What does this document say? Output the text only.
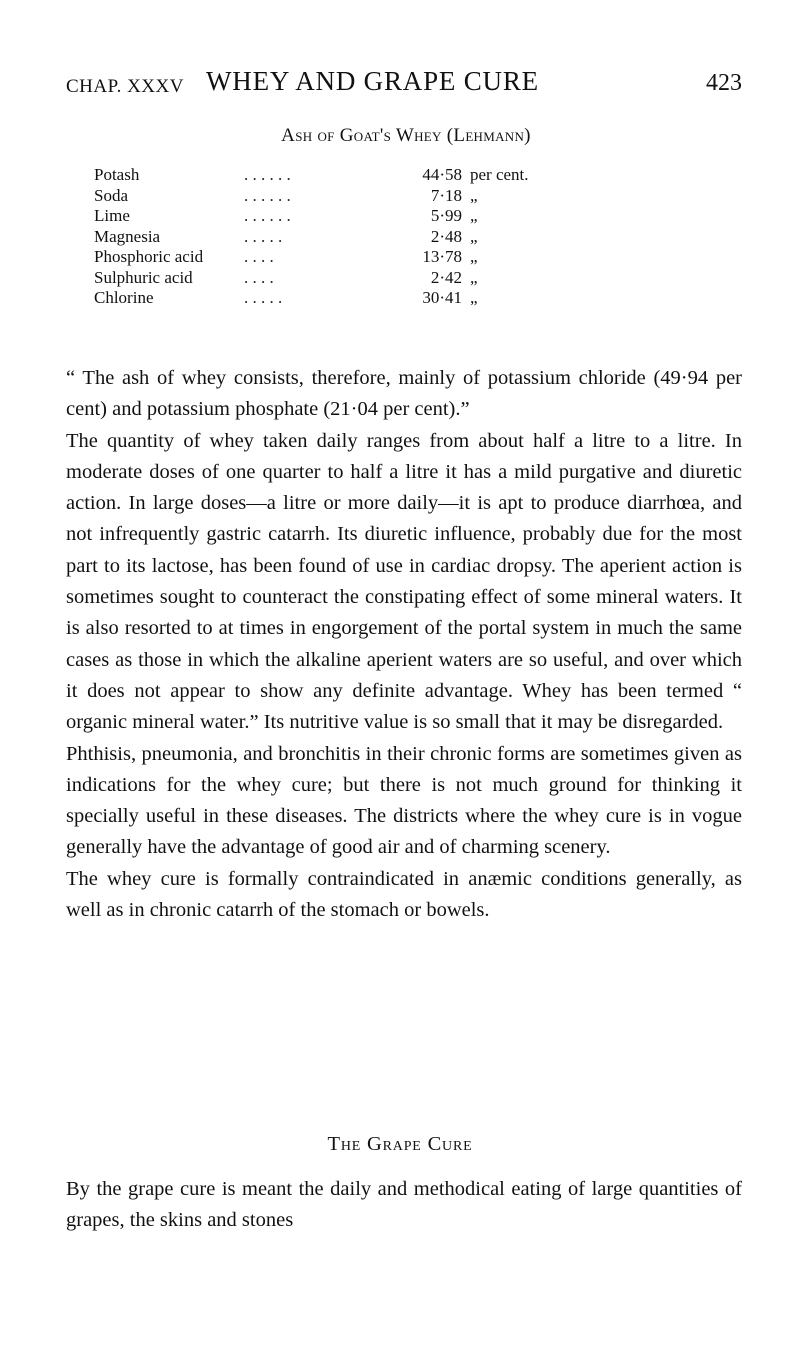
CHAP. XXXV WHEY AND GRAPE CURE	423
Ash of Goat's Whey (Lehmann)
Potash	. . . . . .	44·58 per cent.
Soda	. . . . . .	7·18 „
Lime	. . . . . .	5·99 „
Magnesia	. . . . .	2·48 „
Phosphoric acid . . . .	13·78 „
Sulphuric acid	. . . .	2·42 „
Chlorine	. . . . .	30·41 „

“ The ash of whey consists, therefore, mainly of potassium chloride (49·94 per cent) and potassium phosphate (21·04 per cent).”

The quantity of whey taken daily ranges from about half a litre to a litre. In moderate doses of one quarter to half a litre it has a mild purgative and diuretic action. In large doses—a litre or more daily—it is apt to produce diarrhœa, and not infrequently gastric catarrh. Its diuretic influence, probably due for the most part to its lactose, has been found of use in cardiac dropsy. The aperient action is sometimes sought to counteract the constipating effect of some mineral waters. It is also resorted to at times in engorgement of the portal system in much the same cases as those in which the alkaline aperient waters are so useful, and over which it does not appear to show any definite advantage. Whey has been termed “ organic mineral water.” Its nutritive value is so small that it may be disregarded.

Phthisis, pneumonia, and bronchitis in their chronic forms are sometimes given as indications for the whey cure; but there is not much ground for thinking it specially useful in these diseases. The districts where the whey cure is in vogue generally have the advantage of good air and of charming scenery.

The whey cure is formally contraindicated in anæmic conditions generally, as well as in chronic catarrh of the stomach or bowels.

The Grape Cure

By the grape cure is meant the daily and methodical eating of large quantities of grapes, the skins and stones
